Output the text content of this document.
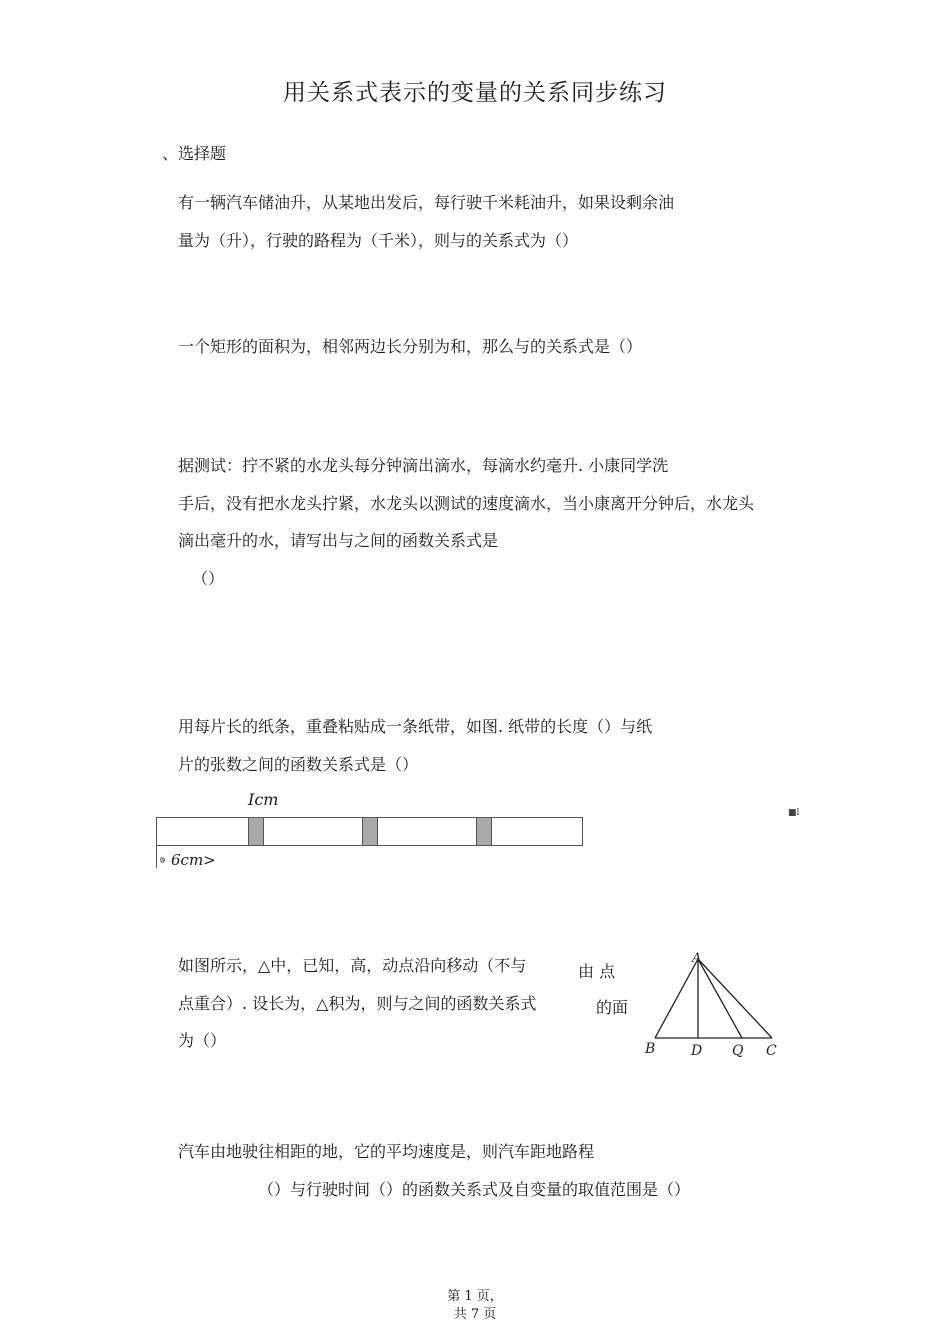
用关系式表示的变量的关系同步练习
、选择题
有一辆汽车储油升，从某地出发后，每行驶千米耗油升，如果设剩余油
量为（升），行驶的路程为（千米），则与的关系式为（）
一个矩形的面积为，相邻两边长分别为和，那么与的关系式是（）
据测试：拧不紧的水龙头每分钟滴出滴水，每滴水约毫升. 小康同学洗
手后，没有把水龙头拧紧，水龙头以测试的速度滴水，当小康离开分钟后，水龙头
滴出毫升的水，请写出与之间的函数关系式是
（）
用每片长的纸条，重叠粘贴成一条纸带，如图. 纸带的长度（）与纸
片的张数之间的函数关系式是（）
Icm
७ 6cm>
■l
如图所示，△中，已知，高，动点沿向移动（不与	由 点
点重合）. 设长为，△积为，则与之间的函数关系式	的面
为（）
A
B	D Q C
汽车由地驶往相距的地，它的平均速度是，则汽车距地路程
（）与行驶时间（）的函数关系式及自变量的取值范围是（）
第 1 页，
共 7 页
